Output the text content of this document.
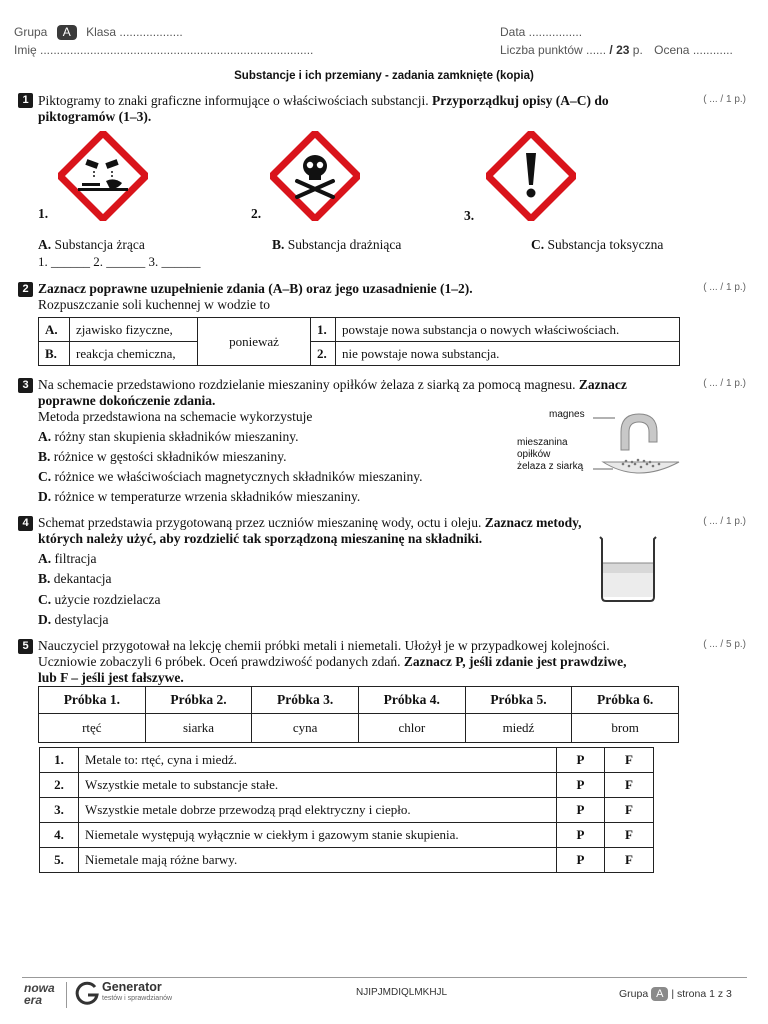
Grupa A Klasa ...................
Imię ..................................................................................
Data ................
Liczba punktów ...... / 23 p. Ocena ............
Substancje i ich przemiany - zadania zamknięte (kopia)
1	( ... / 1 p.)
Piktogramy to znaki graficzne informujące o właściwościach substancji. Przyporządkuj opisy (A–C) do piktogramów (1–3).
1.	2.	3.
A. Substancja żrąca	B. Substancja drażniąca	C. Substancja toksyczna
1. ______ 2. ______ 3. ______
2	( ... / 1 p.)
Zaznacz poprawne uzupełnienie zdania (A–B) oraz jego uzasadnienie (1–2).
Rozpuszczanie soli kuchennej w wodzie to
A.	zjawisko fizyczne,	ponieważ	1.	powstaje nowa substancja o nowych właściwościach.
B.	reakcja chemiczna,		2.	nie powstaje nowa substancja.
3	( ... / 1 p.)
Na schemacie przedstawiono rozdzielanie mieszaniny opiłków żelaza z siarką za pomocą magnesu. Zaznacz
poprawne dokończenie zdania.
Metoda przedstawiona na schemacie wykorzystuje
A. różny stan skupienia składników mieszaniny.
B. różnice w gęstości składników mieszaniny.
C. różnice we właściwościach magnetycznych składników mieszaniny.
D. różnice w temperaturze wrzenia składników mieszaniny.
magnes
mieszanina
opiłków
żelaza z siarką
4	( ... / 1 p.)
Schemat przedstawia przygotowaną przez uczniów mieszaninę wody, octu i oleju. Zaznacz metody, których należy użyć, aby rozdzielić tak sporządzoną mieszaninę na składniki.
A. filtracja
B. dekantacja
C. użycie rozdzielacza
D. destylacja
5	( ... / 5 p.)
Nauczyciel przygotował na lekcję chemii próbki metali i niemetali. Ułożył je w przypadkowej kolejności.
Uczniowie zobaczyli 6 próbek. Oceń prawdziwość podanych zdań. Zaznacz P, jeśli zdanie jest prawdziwe,
lub F – jeśli jest fałszywe.
Próbka 1.	Próbka 2.	Próbka 3.	Próbka 4.	Próbka 5.	Próbka 6.
rtęć	siarka	cyna	chlor	miedź	brom
1.	Metale to: rtęć, cyna i miedź.	P	F
2.	Wszystkie metale to substancje stałe.	P	F
3.	Wszystkie metale dobrze przewodzą prąd elektryczny i ciepło.	P	F
4.	Niemetale występują wyłącznie w ciekłym i gazowym stanie skupienia.	P	F
5.	Niemetale mają różne barwy.	P	F
nowa
era
Generator
testów i sprawdzianów
NJIPJMDIQLMKHJL	Grupa A | strona 1 z 3
